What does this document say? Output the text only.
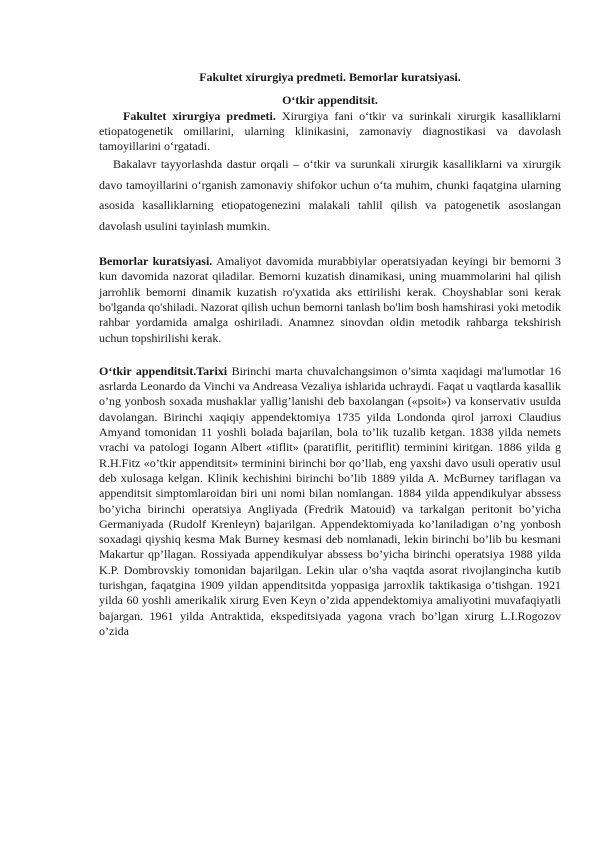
Fakultet xirurgiya predmeti. Bemorlar kuratsiyasi.
O‘tkir appenditsit.

Fakultet xirurgiya predmeti. Xirurgiya fani o‘tkir va surinkali xirurgik kasalliklarni etiopatogenetik omillarini, ularning klinikasini, zamonaviy diagnostikasi va davolash tamoyillarini o‘rgatadi.

Bakalavr tayyorlashda dastur orqali – o‘tkir va surunkali xirurgik kasalliklarni va xirurgik davo tamoyillarini o‘rganish zamonaviy shifokor uchun o‘ta muhim, chunki faqatgina ularning asosida kasalliklarning etiopatogenezini malakali tahlil qilish va patogenetik asoslangan davolash usulini tayinlash mumkin.

Bemorlar kuratsiyasi. Amaliyot davomida murabbiylar operatsiyadan keyingi bir bemorni 3 kun davomida nazorat qiladilar. Bemorni kuzatish dinamikasi, uning muammolarini hal qilish jarrohlik bemorni dinamik kuzatish ro'yxatida aks ettirilishi kerak. Choyshablar soni kerak bo'lganda qo'shiladi. Nazorat qilish uchun bemorni tanlash bo'lim bosh hamshirasi yoki metodik rahbar yordamida amalga oshiriladi. Anamnez sinovdan oldin metodik rahbarga tekshirish uchun topshirilishi kerak.

O‘tkir appenditsit.Tarixi Birinchi marta chuvalchangsimon o’simta xaqidagi ma'lumotlar 16 asrlarda Leonardo da Vinchi va Andreasa Vezaliya ishlarida uchraydi. Faqat u vaqtlarda kasallik o’ng yonbosh soxada mushaklar yallig’lanishi deb baxolangan («psoit») va konservativ usulda davolangan. Birinchi xaqiqiy appendektomiya 1735 yilda Londonda qirol jarroxi Claudius Amyand tomonidan 11 yoshli bolada bajarilan, bola to’lik tuzalib ketgan. 1838 yilda nemets vrachi va patologi Iogann Albert «tiflit» (paratiflit, peritiflit) terminini kiritgan. 1886 yilda g R.H.Fitz «o’tkir appenditsit» terminini birinchi bor qo’llab, eng yaxshi davo usuli operativ usul deb xulosaga kelgan. Klinik kechishini birinchi bo’lib 1889 yilda A. McBurney tariflagan va appenditsit simptomlaroidan biri uni nomi bilan nomlangan. 1884 yilda appendikulyar abssess bo’yicha birinchi operatsiya Angliyada (Fredrik Matouid) va tarkalgan peritonit bo’yicha Germaniyada (Rudolf Krenleyn) bajarilgan. Appendektomiyada ko’laniladigan o’ng yonbosh soxadagi qiyshiq kesma Mak Burney kesmasi deb nomlanadi, lekin birinchi bo’lib bu kesmani Makartur qp’llagan. Rossiyada appendikulyar abssess bo’yicha birinchi operatsiya 1988 yilda K.P. Dombrovskiy tomonidan bajarilgan. Lekin ular o’sha vaqtda asorat rivojlangincha kutib turishgan, faqatgina 1909 yildan appenditsitda yoppasiga jarroxlik taktikasiga o’tishgan. 1921 yilda 60 yoshli amerikalik xirurg Even Keyn o’zida appendektomiya amaliyotini muvafaqiyatli bajargan. 1961 yilda Antraktida, ekspeditsiyada yagona vrach bo’lgan xirurg L.I.Rogozov o’zida
